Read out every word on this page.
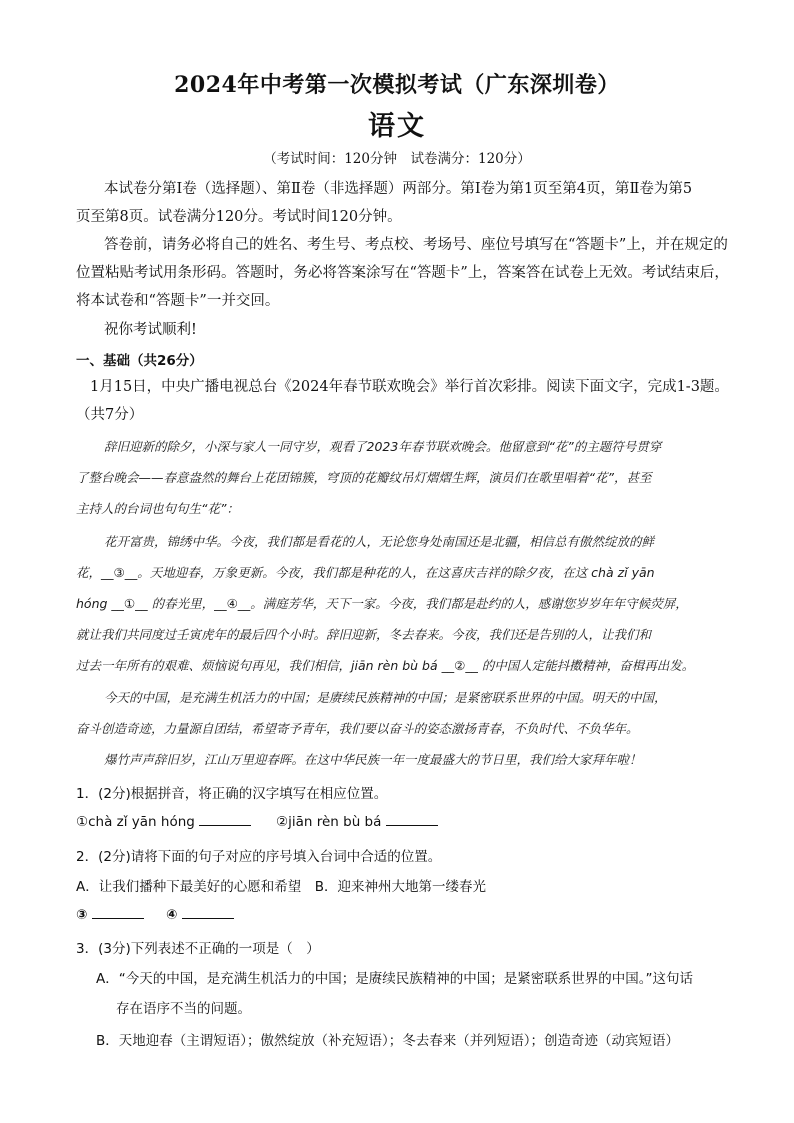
2024年中考第一次模拟考试（广东深圳卷）
语文
（考试时间：120分钟　试卷满分：120分）
本试卷分第Ⅰ卷（选择题）、第Ⅱ卷（非选择题）两部分。第Ⅰ卷为第1页至第4页，第Ⅱ卷为第5
页至第8页。试卷满分120分。考试时间120分钟。
答卷前，请务必将自己的姓名、考生号、考点校、考场号、座位号填写在“答题卡”上，并在规定的
位置粘贴考试用条形码。答题时，务必将答案涂写在“答题卡”上，答案答在试卷上无效。考试结束后，
将本试卷和“答题卡”一并交回。
祝你考试顺利!
一、基础（共26分）
1月15日，中央广播电视总台《2024年春节联欢晚会》举行首次彩排。阅读下面文字，完成1-3题。
（共7分）
辞旧迎新的除夕，小深与家人一同守岁，观看了2023年春节联欢晚会。他留意到“花”的主题符号贯穿
了整台晚会——春意盎然的舞台上花团锦簇，穹顶的花瓣纹吊灯熠熠生辉，演员们在歌里唱着“花”，甚至
主持人的台词也句句生“花”：
花开富贵，锦绣中华。今夜，我们都是看花的人，无论您身处南国还是北疆，相信总有傲然绽放的鲜
花，__③__。天地迎春，万象更新。今夜，我们都是种花的人，在这喜庆吉祥的除夕夜，在这 chà zǐ yān
hóng __①__ 的春光里，__④__。满庭芳华，天下一家。今夜，我们都是赴约的人，感谢您岁岁年年守候荧屏，
就让我们共同度过壬寅虎年的最后四个小时。辞旧迎新，冬去春来。今夜，我们还是告别的人，让我们和
过去一年所有的艰难、烦恼说句再见，我们相信，jiān rèn bù bá __②__ 的中国人定能抖擞精神，奋楫再出发。
今天的中国，是充满生机活力的中国；是赓续民族精神的中国；是紧密联系世界的中国。明天的中国，
奋斗创造奇迹，力量源自团结，希望寄予青年，我们要以奋斗的姿态激扬青春，不负时代、不负华年。
爆竹声声辞旧岁，江山万里迎春晖。在这中华民族一年一度最盛大的节日里，我们给大家拜年啦！
1．(2分)根据拼音，将正确的汉字填写在相应位置。
①chà zǐ yān hóng	②jiān rèn bù bá
2．(2分)请将下面的句子对应的序号填入台词中合适的位置。
A．让我们播种下最美好的心愿和希望　B．迎来神州大地第一缕春光
③	④
3．(3分)下列表述不正确的一项是（　）
A．“今天的中国，是充满生机活力的中国；是赓续民族精神的中国；是紧密联系世界的中国。”这句话
存在语序不当的问题。
B．天地迎春（主谓短语）；傲然绽放（补充短语）；冬去春来（并列短语）；创造奇迹（动宾短语）
